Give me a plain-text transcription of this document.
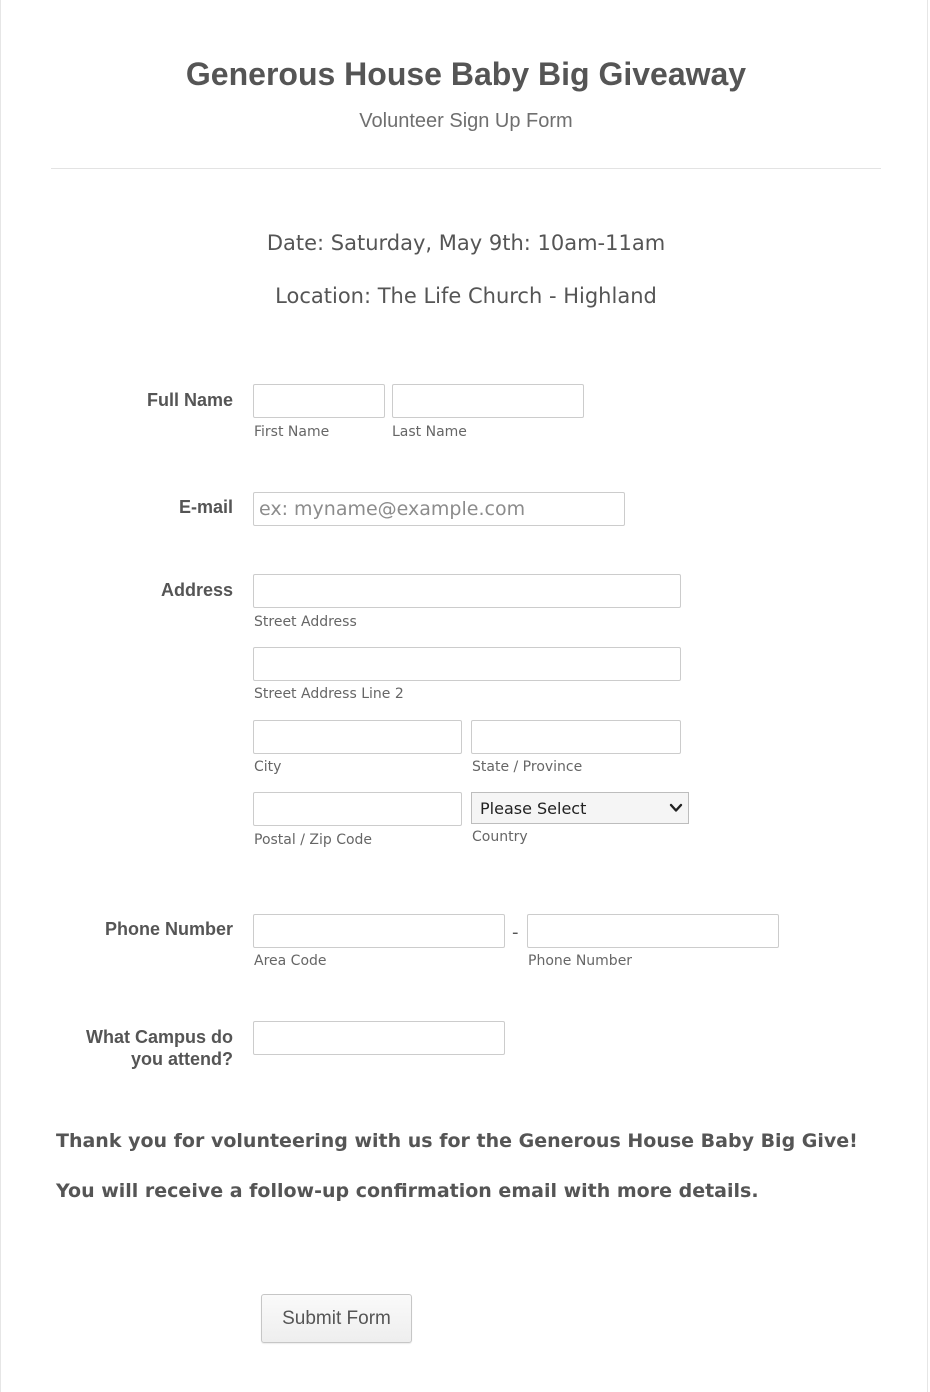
Generous House Baby Big Giveaway
Volunteer Sign Up Form
Date: Saturday, May 9th: 10am-11am
Location: The Life Church - Highland
Full Name
First Name	Last Name
E-mail
ex: myname@example.com
Address
Street Address
Street Address Line 2
City	State / Province
Please Select
Postal / Zip Code	Country
Phone Number	-
Area Code	Phone Number
What Campus do
you attend?
Thank you for volunteering with us for the Generous House Baby Big Give!
You will receive a follow-up confirmation email with more details.
Submit Form
